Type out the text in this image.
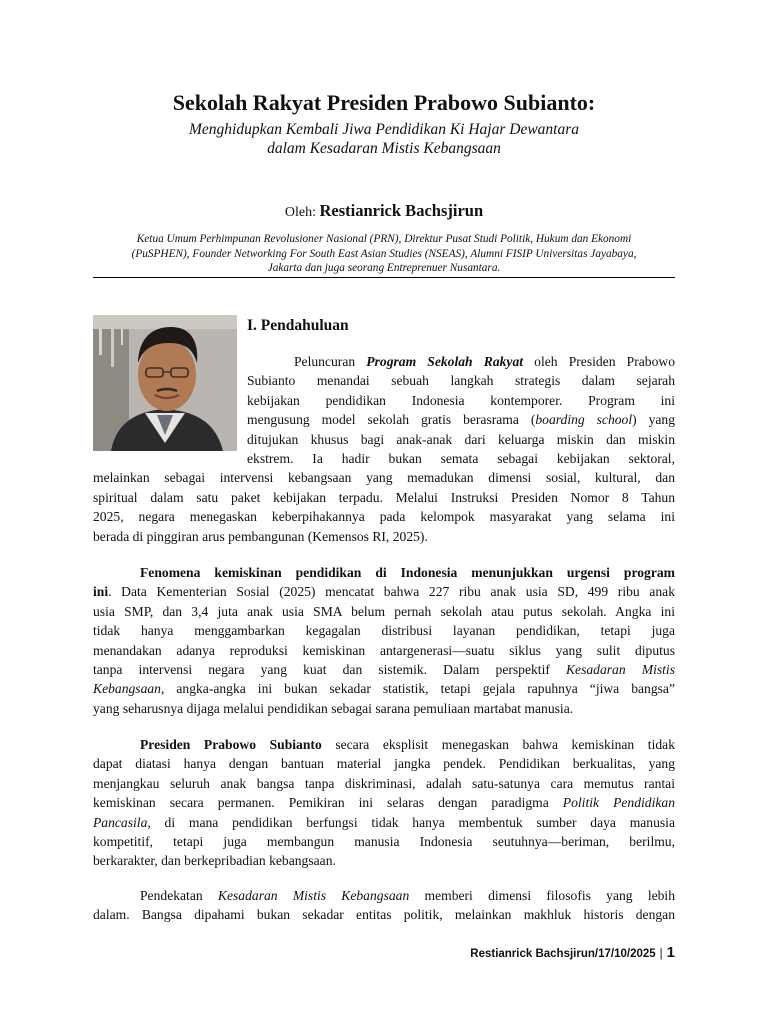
Sekolah Rakyat Presiden Prabowo Subianto:
Menghidupkan Kembali Jiwa Pendidikan Ki Hajar Dewantara
dalam Kesadaran Mistis Kebangsaan
Oleh: Restianrick Bachsjirun
Ketua Umum Perhimpunan Revolusioner Nasional (PRN), Direktur Pusat Studi Politik, Hukum dan Ekonomi
(PuSPHEN), Founder Networking For South East Asian Studies (NSEAS), Alumni FISIP Universitas Jayabaya,
Jakarta dan juga seorang Entreprenuer Nusantara.
I. Pendahuluan
Peluncuran Program Sekolah Rakyat oleh Presiden Prabowo
Subianto menandai sebuah langkah strategis dalam sejarah
kebijakan pendidikan Indonesia kontemporer. Program ini
mengusung model sekolah gratis berasrama (boarding school) yang
ditujukan khusus bagi anak-anak dari keluarga miskin dan miskin
ekstrem. Ia hadir bukan semata sebagai kebijakan sektoral,
melainkan sebagai intervensi kebangsaan yang memadukan dimensi sosial, kultural, dan
spiritual dalam satu paket kebijakan terpadu. Melalui Instruksi Presiden Nomor 8 Tahun
2025, negara menegaskan keberpihakannya pada kelompok masyarakat yang selama ini
berada di pinggiran arus pembangunan (Kemensos RI, 2025).
Fenomena kemiskinan pendidikan di Indonesia menunjukkan urgensi program
ini. Data Kementerian Sosial (2025) mencatat bahwa 227 ribu anak usia SD, 499 ribu anak
usia SMP, dan 3,4 juta anak usia SMA belum pernah sekolah atau putus sekolah. Angka ini
tidak hanya menggambarkan kegagalan distribusi layanan pendidikan, tetapi juga
menandakan adanya reproduksi kemiskinan antargenerasi—suatu siklus yang sulit diputus
tanpa intervensi negara yang kuat dan sistemik. Dalam perspektif Kesadaran Mistis
Kebangsaan, angka-angka ini bukan sekadar statistik, tetapi gejala rapuhnya “jiwa bangsa”
yang seharusnya dijaga melalui pendidikan sebagai sarana pemuliaan martabat manusia.
Presiden Prabowo Subianto secara eksplisit menegaskan bahwa kemiskinan tidak
dapat diatasi hanya dengan bantuan material jangka pendek. Pendidikan berkualitas, yang
menjangkau seluruh anak bangsa tanpa diskriminasi, adalah satu-satunya cara memutus rantai
kemiskinan secara permanen. Pemikiran ini selaras dengan paradigma Politik Pendidikan
Pancasila, di mana pendidikan berfungsi tidak hanya membentuk sumber daya manusia
kompetitif, tetapi juga membangun manusia Indonesia seutuhnya—beriman, berilmu,
berkarakter, dan berkepribadian kebangsaan.
Pendekatan Kesadaran Mistis Kebangsaan memberi dimensi filosofis yang lebih
dalam. Bangsa dipahami bukan sekadar entitas politik, melainkan makhluk historis dengan
Restianrick Bachsjirun/17/10/2025 | 1
